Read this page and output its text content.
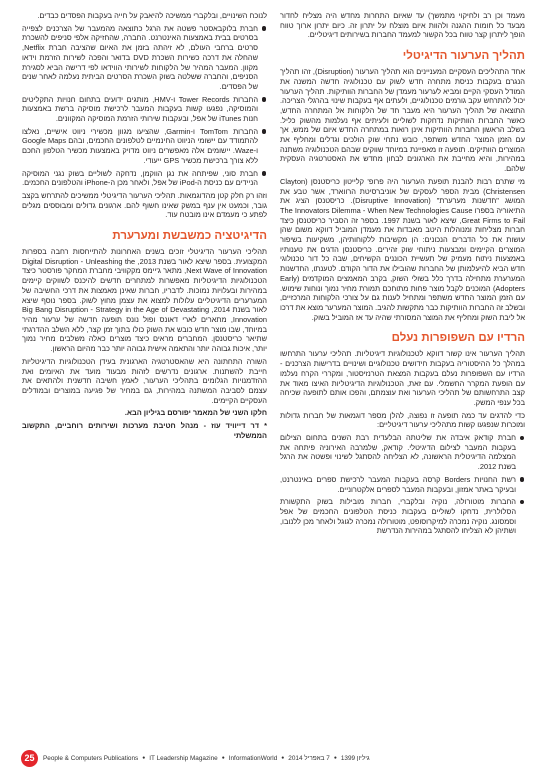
מעמד וכן רב ולחיקוי מתמשך) עד שאיום התחרות מחדש היה מצליח לחדור מבעד כל חומות ההגנה ולהוות איום מוצלח על יתרון זה. כיום יתרון ארוך טווח הופך ליתרון קצר טווח בכל הקשור למעמד החברות בשירותים דיגיטליים.

תהליך הערעור הדיגיטלי

אחד התהליכים העסקיים המעניינים הוא תהליך הערעור (Disruption), זהו תהליך הנגרם בעקבות כניסת מתחרה חדש לשוק עם טכנולוגיה חדשה המשנה את המודל העסקי הקיים ומביא לערעור מעמדן של החברות הוותיקות. תהליך הערעור יכול להתרחש עקב גורמים טכנולוגיים, ולעתים אף בעקבות שינוי בהרגלי הצריכה. התוצאה של תהליך הערעור היא מעבר חד של הלקוחות אל המתחרה החדש, כאשר החברות הוותיקות נדחקות לשוליים ולעיתים אף נעלמות מהשוק כליל. בשלב הראשון החברות הוותיקות אינן רואות במתחרה החדש איום של ממש, אך עם הזמן המוצר החדש משתפר, כובש נתחי שוק הולכים וגדלים ומחליף את המוצרים הוותיקים. תופעה זו מאפיינת במיוחד שווקים שבהם הטכנולוגיה משתנה במהירות, והיא מחייבת את הארגונים לבחון מחדש את האסטרטגיה העסקית שלהם.

מי שתרם רבות להבנת תופעת הערעור היה פרופ' קלייטון כריסטנסן (Clayton Christensen) מבית הספר לעסקים של אוניברסיטת הרווארד, אשר טבע את המושג "חדשנות מערערת" (Disruptive Innovation). כריסטנסן הציג את התיאוריה בספרו The Innovators Dilemma - When New Technologies Cause Great Firms to Fail, שיצא לאור בשנת 1997. בספר זה הסביר כריסטנסן כיצד חברות מצליחות ומנוהלות היטב מאבדות את מעמדן המוביל דווקא משום שהן עושות את כל הדברים הנכונים: הן מקשיבות ללקוחותיהן, משקיעות בשיפור המוצרים הקיימים ומבצעות ניתוחי שוק זהירים. כריסטנסן הדגים את טענותיו באמצעות ניתוח מעמיק של תעשיית הכוננים הקשיחים, שבה כל דור טכנולוגי חדש הביא להיעלמותן של החברות שהובילו את הדור הקודם. לטענתו, החדשנות המערערת מתחילה בדרך כלל בשולי השוק, בקרב המאמצים המוקדמים (Early Adopters) המוכנים לקבל מוצר פחות מתוחכם תמורת מחיר נמוך ונוחות שימוש. עם הזמן המוצר החדש משתפר ומתחיל לענות גם על צורכי הלקוחות המרכזיים, ובשלב זה החברות הוותיקות כבר מתקשות להגיב. המוצר המערער מוצא את דרכו אל ליבת השוק ומחליף את המוצר המסורתי שהיה עד אז המוביל בשוק.

הרדיו עם השפופרות נעלם

תהליך הערעור אינו קשור דווקא לטכנולוגיות דיגיטליות. תהליכי ערעור התרחשו במהלך כל ההיסטוריה בעקבות חידושים טכנולוגיים ושינויים בדרישות הצרכנים - הרדיו עם השפופרות נעלם בעקבות המצאת הטרנזיסטור, ומקררי הקרח נעלמו עם הופעת המקרר החשמלי. עם זאת, הטכנולוגיות הדיגיטליות האיצו מאוד את קצב התרחשותם של תהליכי הערעור ואת עוצמתם, והפכו אותם לתופעה שכיחה בכל ענפי המשק.

כדי להדגים עד כמה תופעה זו נפוצה, להלן מספר דוגמאות של חברות גדולות ומוכרות שנפגעו קשות מתהליכי ערעור דיגיטליים:

חברת קודאק איבדה את שליטתה הבלעדית רבת השנים בתחום הצילום בעקבות המעבר לצילום הדיגיטלי. קודאק, שלמרבה האירוניה פיתחה את המצלמה הדיגיטלית הראשונה, לא הצליחה להסתגל לשינוי ופשטה את הרגל בשנת 2012.
רשת החנויות Borders קרסה בעקבות המעבר לרכישת ספרים באינטרנט, ובעיקר באתר אמזון, ובעקבות המעבר לספרים אלקטרוניים.
החברות מוטורולה, נוקיה ובלקברי, חברות מובילות בשוק התקשורת הסלולרית, נדחקו לשוליים בעקבות כניסת הטלפונים החכמים של אפל וסמסונג. נוקיה נמכרה למיקרוסופט, מוטורולה נמכרה לגוגל ולאחר מכן ללנובו, ושתיהן לא הצליחו להסתגל במהירות הנדרשת

לנוכח השינויים, ובלקברי ממשיכה להיאבק על חייה בעקבות הפסדים כבדים.

חברת בלוקבאסטר פשטה את הרגל כתוצאה מהמעבר של הצרכנים לצפייה בסרטים בבית באמצעות האינטרנט. החברה, שהחזיקה אלפי סניפים להשכרת סרטים ברחבי העולם, לא זיהתה בזמן את האיום שהציבה חברת Netflix, שהחלה את דרכה כשירות השכרת DVD בדואר והפכה לשירות הזרמת וידאו מקוון. המעבר המהיר של הלקוחות לשירותי הווידאו לפי דרישה הביא לסגירת הסניפים, והחברה ששלטה בשוק השכרת הסרטים הביתית נעלמה לאחר שנים של הפסדים.
החברות Tower Records ו-HMV, מותגים ידועים בתחום חנויות התקליטים והמוסיקה, נפגעו קשות בעקבות המעבר לרכישת מוסיקה ברשת באמצעות חנות iTunes של אפל, ובעקבות שירותי הזרמת המוסיקה המקוונים.
החברות TomTom ו-Garmin, שהציעו מגוון מכשירי ניווט אישיים, נאלצו להתמודד עם יישומי הניווט החינמיים לטלפונים החכמים, ובהם Google Maps ו-Waze. יישומים אלה מאפשרים ניווט מדויק באמצעות מכשיר הטלפון החכם ללא צורך ברכישת מכשיר GPS ייעודי.
חברת סוני, שפיתחה את נגן הווקמן, נדחקה לשוליים בשוק נגני המוסיקה הניידים עם כניסת ה-iPod של אפל, ולאחר מכן ה-iPhone והטלפונים החכמים.

וזהו רק חלק קטן מהדוגמאות. תהליכי הערעור הדיגיטלי ממשיכים להתרחש בקצב גובר, וכמעט אין ענף במשק שאינו חשוף להם. ארגונים גדולים ומבוססים מגלים לפתע כי מעמדם אינו מובטח עוד.

הדיגיטציה כמשבשת ומערערת

תהליכי הערעור הדיגיטלי זוכים בשנים האחרונות להתייחסות רחבה בספרות המקצועית. בספר שיצא לאור בשנת 2013, Digital Disruption - Unleashing the Next Wave of Innovation, מתאר ג'יימס מקקוויבי מחברת המחקר פורסטר כיצד הטכנולוגיות הדיגיטליות מאפשרות למתחרים חדשים להיכנס לשווקים קיימים במהירות ובעלויות נמוכות. לדבריו, חברות שאינן מאמצות את דרכי החשיבה של המערערים הדיגיטליים עלולות למצוא את עצמן מחוץ לשוק. בספר נוסף שיצא לאור בשנת 2014, Big Bang Disruption - Strategy in the Age of Devastating Innovation, מתארים לארי דאונס ופול נונס תופעה חדשה של ערעור מהיר במיוחד, שבו מוצר חדש כובש את השוק כולו בתוך זמן קצר, ללא השלב ההדרגתי שתיאר כריסטנסן. המחברים מראים כיצד מוצרים כאלה משלבים מחיר נמוך יותר, איכות גבוהה יותר והתאמה אישית גבוהה יותר כבר מהיום הראשון.

השורה התחתונה היא שהאסטרטגיה הארגונית בעידן הטכנולוגיות הדיגיטליות חייבת להשתנות. ארגונים נדרשים לזהות מבעוד מועד את האיומים ואת ההזדמנויות הגלומים בתהליכי הערעור, לאמץ חשיבה חדשנית ולהתאים את עצמם לסביבה המשתנה במהירות, גם במחיר של פגיעה במוצרים ובמודלים העסקיים הקיימים.

חלקו השני של המאמר יפורסם בגיליון הבא.

* דר דייוויד עוז - מנהל חטיבת מערכות ושירותים רוחביים, התקשוב הממשלתי

25	People & Computers Publications ● IT Leadership Magazine ● InformationWorld ● 7 באפריל 2014 ● גיליון 1399
